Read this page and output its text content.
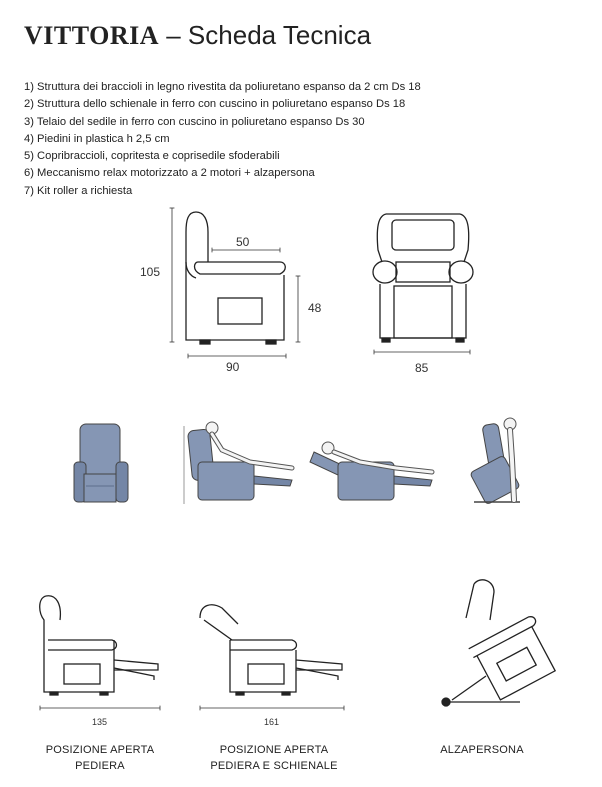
VITTORIA – Scheda Tecnica
1) Struttura dei braccioli in legno rivestita da poliuretano espanso da 2 cm Ds 18
2) Struttura dello schienale in ferro con cuscino in poliuretano espanso Ds 18
3) Telaio del sedile in ferro con cuscino in poliuretano espanso Ds 30
4) Piedini in plastica h 2,5 cm
5) Copribraccioli, copritesta e coprisedile sfoderabili
6) Meccanismo relax motorizzato a 2 motori + alzapersona
7) Kit roller a richiesta
105
50
48
90	85
135	161
POSIZIONE APERTA
PEDIERA
POSIZIONE APERTA
PEDIERA E SCHIENALE
ALZAPERSONA
